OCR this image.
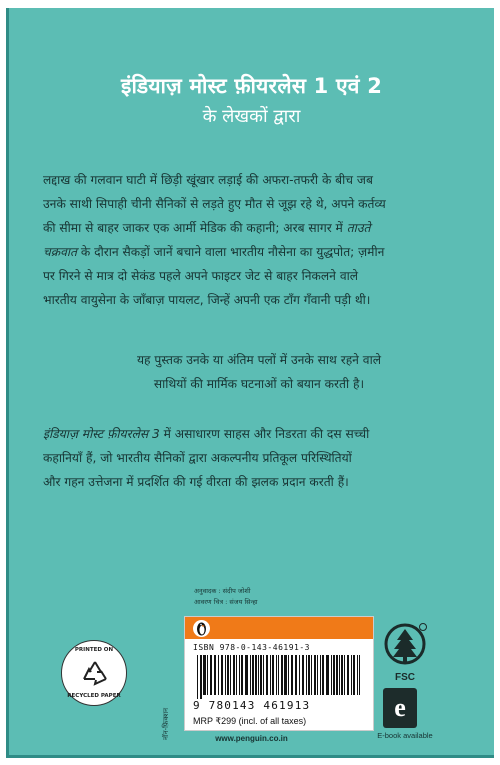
इंडियाज़ मोस्ट फ़ीयरलेस 1 एवं 2
के लेखकों द्वारा
लद्दाख की गलवान घाटी में छिड़ी खूंखार लड़ाई की अफरा-तफरी के बीच जब
उनके साथी सिपाही चीनी सैनिकों से लड़ते हुए मौत से जूझ रहे थे, अपने कर्तव्य
की सीमा से बाहर जाकर एक आर्मी मेडिक की कहानी; अरब सागर में ताउते
चक्रवात के दौरान सैकड़ों जानें बचाने वाला भारतीय नौसेना का युद्धपोत; ज़मीन
पर गिरने से मात्र दो सेकंड पहले अपने फाइटर जेट से बाहर निकलने वाले
भारतीय वायुसेना के जाँबाज़ पायलट, जिन्हें अपनी एक टाँग गँवानी पड़ी थी।
यह पुस्तक उनके या अंतिम पलों में उनके साथ रहने वाले
साथियों की मार्मिक घटनाओं को बयान करती है।
इंडियाज़ मोस्ट फ़ीयरलेस 3 में असाधारण साहस और निडरता की दस सच्ची
कहानियाँ हैं, जो भारतीय सैनिकों द्वारा अकल्पनीय प्रतिकूल परिस्थितियों
और गहन उत्तेजना में प्रदर्शित की गई वीरता की झलक प्रदान करती हैं।
अनुवादक : संदीप जोशी
आवरण चित्र : संजय सिन्हा
नॉन-फ़िक्शन
PRINTED ON
RECYCLED PAPER
ISBN 978-0-143-46191-3
9 780143 461913
MRP ₹299 (incl. of all taxes)
FSC
e
E-book available
www.penguin.co.in
